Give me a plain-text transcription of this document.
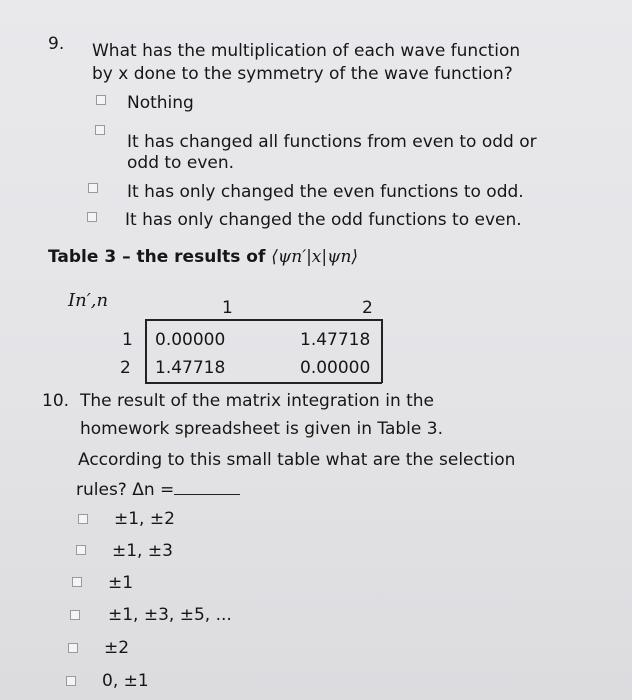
9. What has the multiplication of each wave function
by x done to the symmetry of the wave function?
Nothing
It has changed all functions from even to odd or
odd to even.
It has only changed the even functions to odd.
It has only changed the odd functions to even.
Table 3 – the results of ⟨ψn′|x|ψn⟩
In′,n	1	2
1 0.00000	1.47718
2 1.47718	0.00000
10. The result of the matrix integration in the
homework spreadsheet is given in Table 3.
According to this small table what are the selection
rules? Δn =
±1, ±2
±1, ±3
±1
±1, ±3, ±5, ...
±2
0, ±1
